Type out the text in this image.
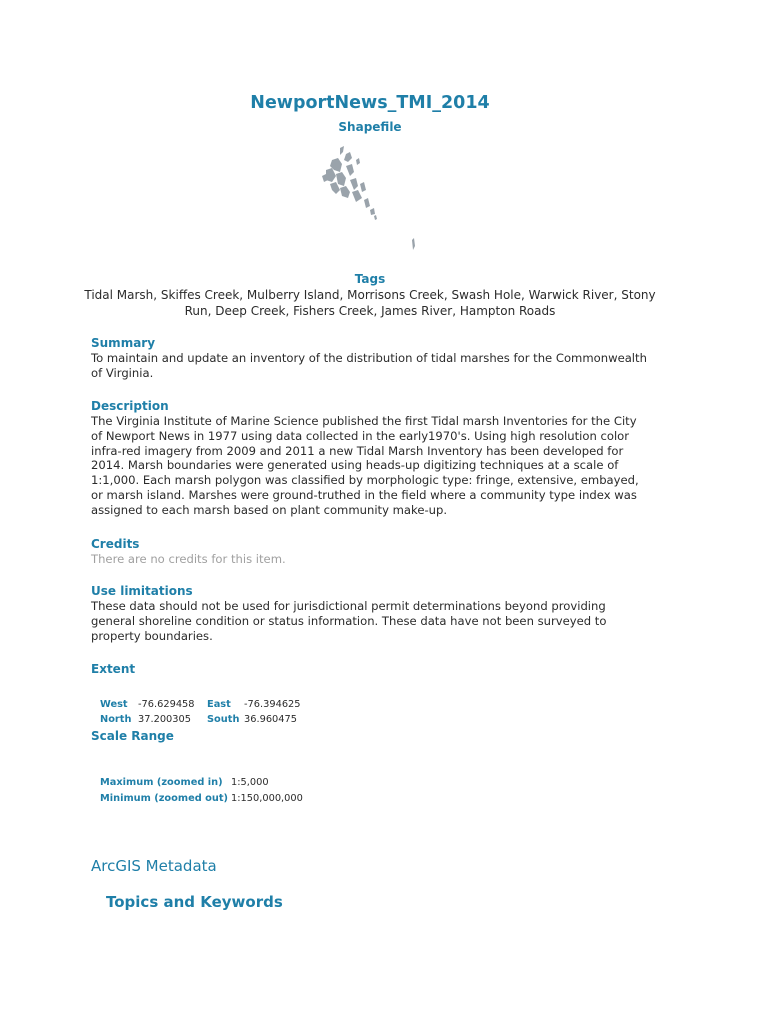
NewportNews_TMI_2014
Shapefile
Tags
Tidal Marsh, Skiffes Creek, Mulberry Island, Morrisons Creek, Swash Hole, Warwick River, Stony Run, Deep Creek, Fishers Creek, James River, Hampton Roads
Summary
To maintain and update an inventory of the distribution of tidal marshes for the Commonwealth of Virginia.
Description
The Virginia Institute of Marine Science published the first Tidal marsh Inventories for the City of Newport News in 1977 using data collected in the early1970's. Using high resolution color infra-red imagery from 2009 and 2011 a new Tidal Marsh Inventory has been developed for 2014. Marsh boundaries were generated using heads-up digitizing techniques at a scale of 1:1,000. Each marsh polygon was classified by morphologic type: fringe, extensive, embayed, or marsh island. Marshes were ground-truthed in the field where a community type index was assigned to each marsh based on plant community make-up.
Credits
There are no credits for this item.
Use limitations
These data should not be used for jurisdictional permit determinations beyond providing general shoreline condition or status information. These data have not been surveyed to property boundaries.
Extent
West -76.629458 East -76.394625
North 37.200305 South 36.960475
Scale Range
Maximum (zoomed in) 1:5,000
Minimum (zoomed out) 1:150,000,000
ArcGIS Metadata
Topics and Keywords
